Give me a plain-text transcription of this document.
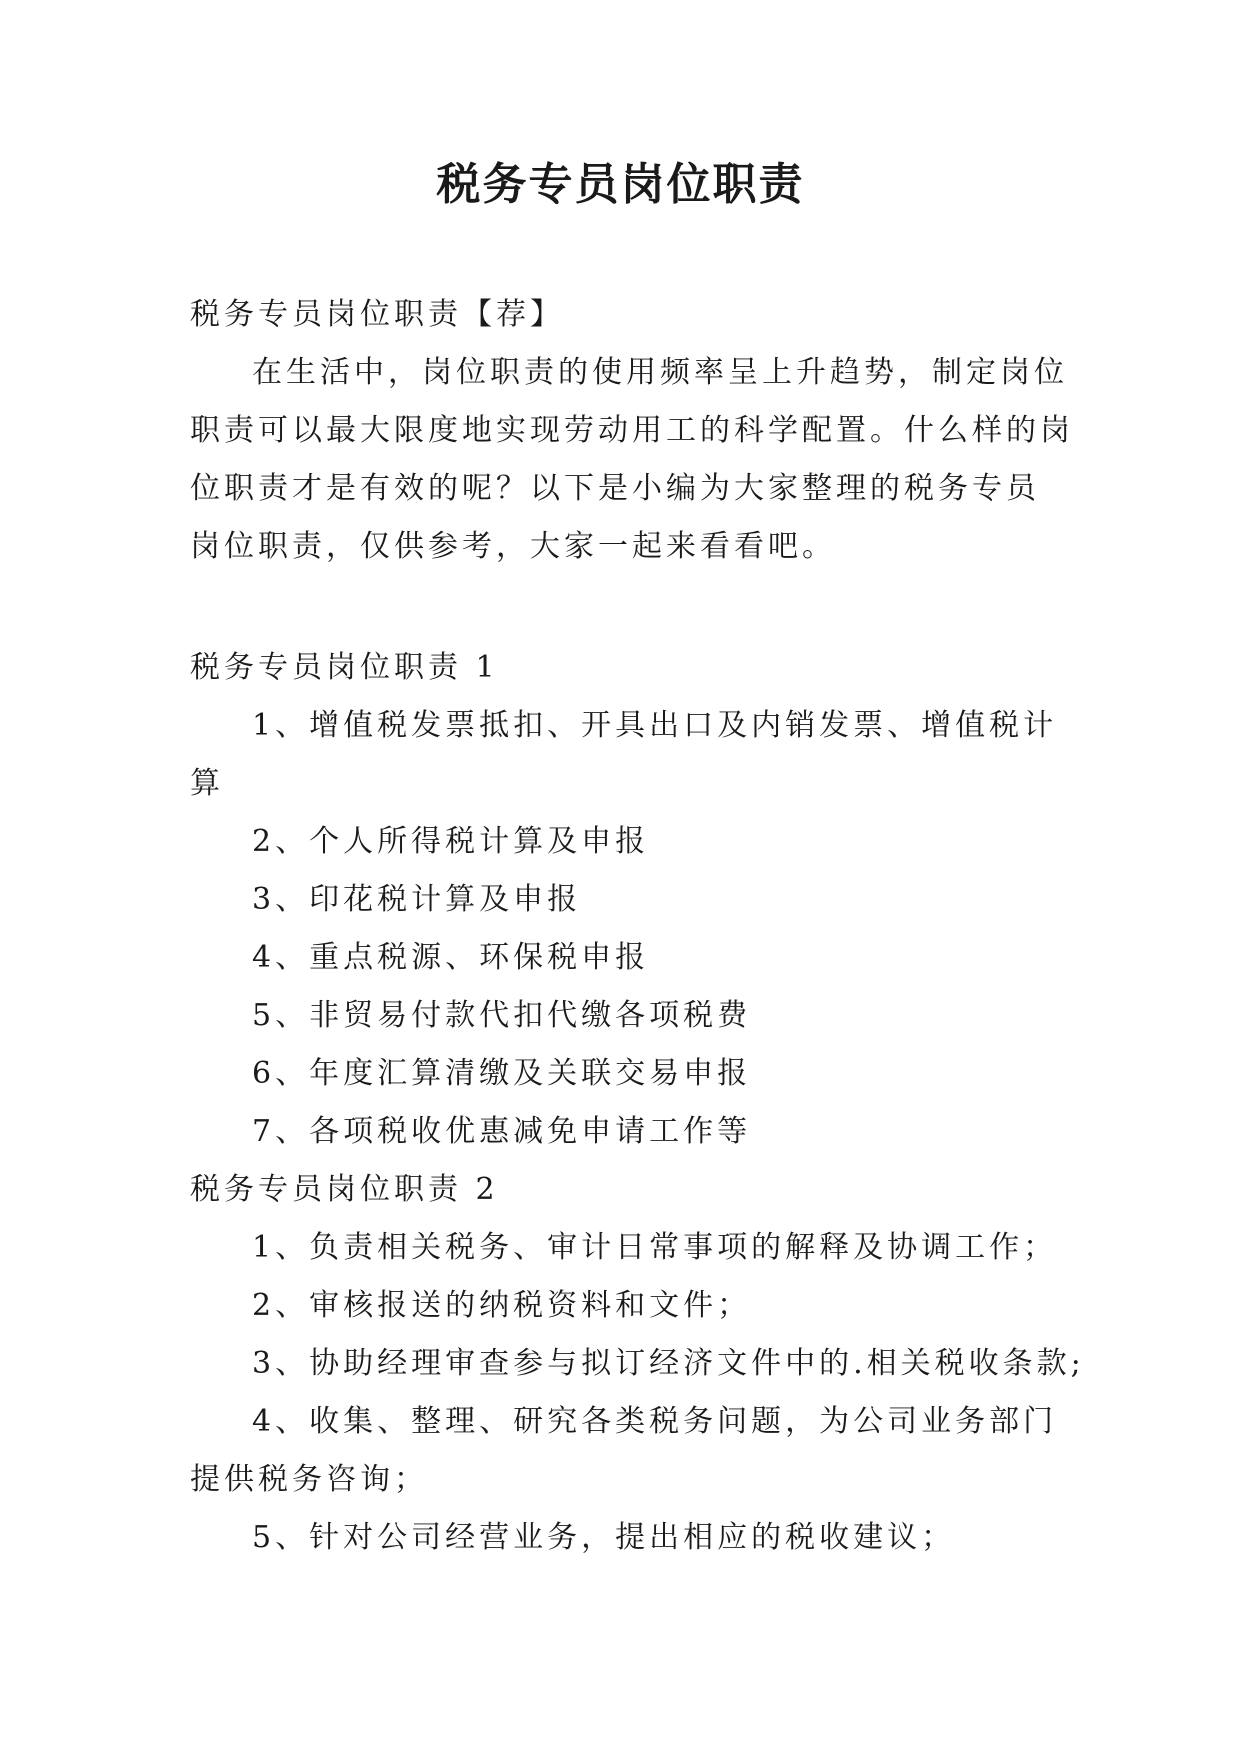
税务专员岗位职责
税务专员岗位职责【荐】
在生活中，岗位职责的使用频率呈上升趋势，制定岗位
职责可以最大限度地实现劳动用工的科学配置。什么样的岗
位职责才是有效的呢？以下是小编为大家整理的税务专员
岗位职责，仅供参考，大家一起来看看吧。
税务专员岗位职责 1
1、增值税发票抵扣、开具出口及内销发票、增值税计
算
2、个人所得税计算及申报
3、印花税计算及申报
4、重点税源、环保税申报
5、非贸易付款代扣代缴各项税费
6、年度汇算清缴及关联交易申报
7、各项税收优惠减免申请工作等
税务专员岗位职责 2
1、负责相关税务、审计日常事项的解释及协调工作；
2、审核报送的纳税资料和文件；
3、协助经理审查参与拟订经济文件中的.相关税收条款;
4、收集、整理、研究各类税务问题，为公司业务部门
提供税务咨询；
5、针对公司经营业务，提出相应的税收建议；
